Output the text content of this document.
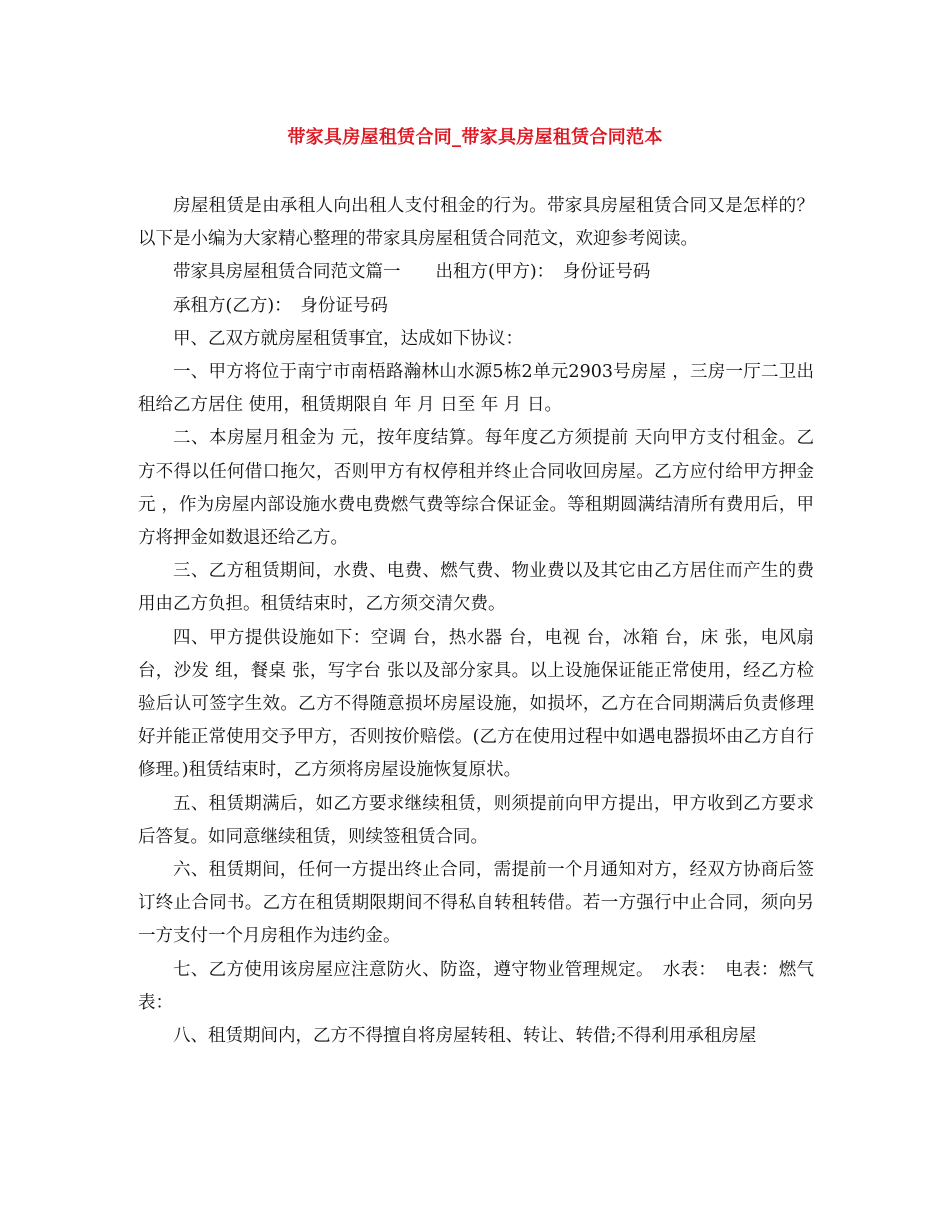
带家具房屋租赁合同_带家具房屋租赁合同范本

房屋租赁是由承租人向出租人支付租金的行为。带家具房屋租赁合同又是怎样的？以下是小编为大家精心整理的带家具房屋租赁合同范文，欢迎参考阅读。

带家具房屋租赁合同范文篇一　　出租方(甲方)：　身份证号码

承租方(乙方)：　身份证号码

甲、乙双方就房屋租赁事宜，达成如下协议：

一、甲方将位于南宁市南梧路瀚林山水源5栋2单元2903号房屋 ，三房一厅二卫出租给乙方居住 使用，租赁期限自 年 月 日至 年 月 日。

二、本房屋月租金为 元，按年度结算。每年度乙方须提前 天向甲方支付租金。乙方不得以任何借口拖欠，否则甲方有权停租并终止合同收回房屋。乙方应付给甲方押金 元 ，作为房屋内部设施水费电费燃气费等综合保证金。等租期圆满结清所有费用后，甲方将押金如数退还给乙方。

三、乙方租赁期间，水费、电费、燃气费、物业费以及其它由乙方居住而产生的费用由乙方负担。租赁结束时，乙方须交清欠费。

四、甲方提供设施如下：空调 台，热水器 台，电视 台，冰箱 台，床 张，电风扇 台，沙发 组，餐桌 张，写字台 张以及部分家具。以上设施保证能正常使用，经乙方检验后认可签字生效。乙方不得随意损坏房屋设施，如损坏，乙方在合同期满后负责修理好并能正常使用交予甲方，否则按价赔偿。(乙方在使用过程中如遇电器损坏由乙方自行修理。)租赁结束时，乙方须将房屋设施恢复原状。

五、租赁期满后，如乙方要求继续租赁，则须提前向甲方提出，甲方收到乙方要求后答复。如同意继续租赁，则续签租赁合同。

六、租赁期间，任何一方提出终止合同，需提前一个月通知对方，经双方协商后签订终止合同书。乙方在租赁期限期间不得私自转租转借。若一方强行中止合同，须向另一方支付一个月房租作为违约金。

七、乙方使用该房屋应注意防火、防盗，遵守物业管理规定。　水表：　电表：燃气表：

八、租赁期间内，乙方不得擅自将房屋转租、转让、转借;不得利用承租房屋
